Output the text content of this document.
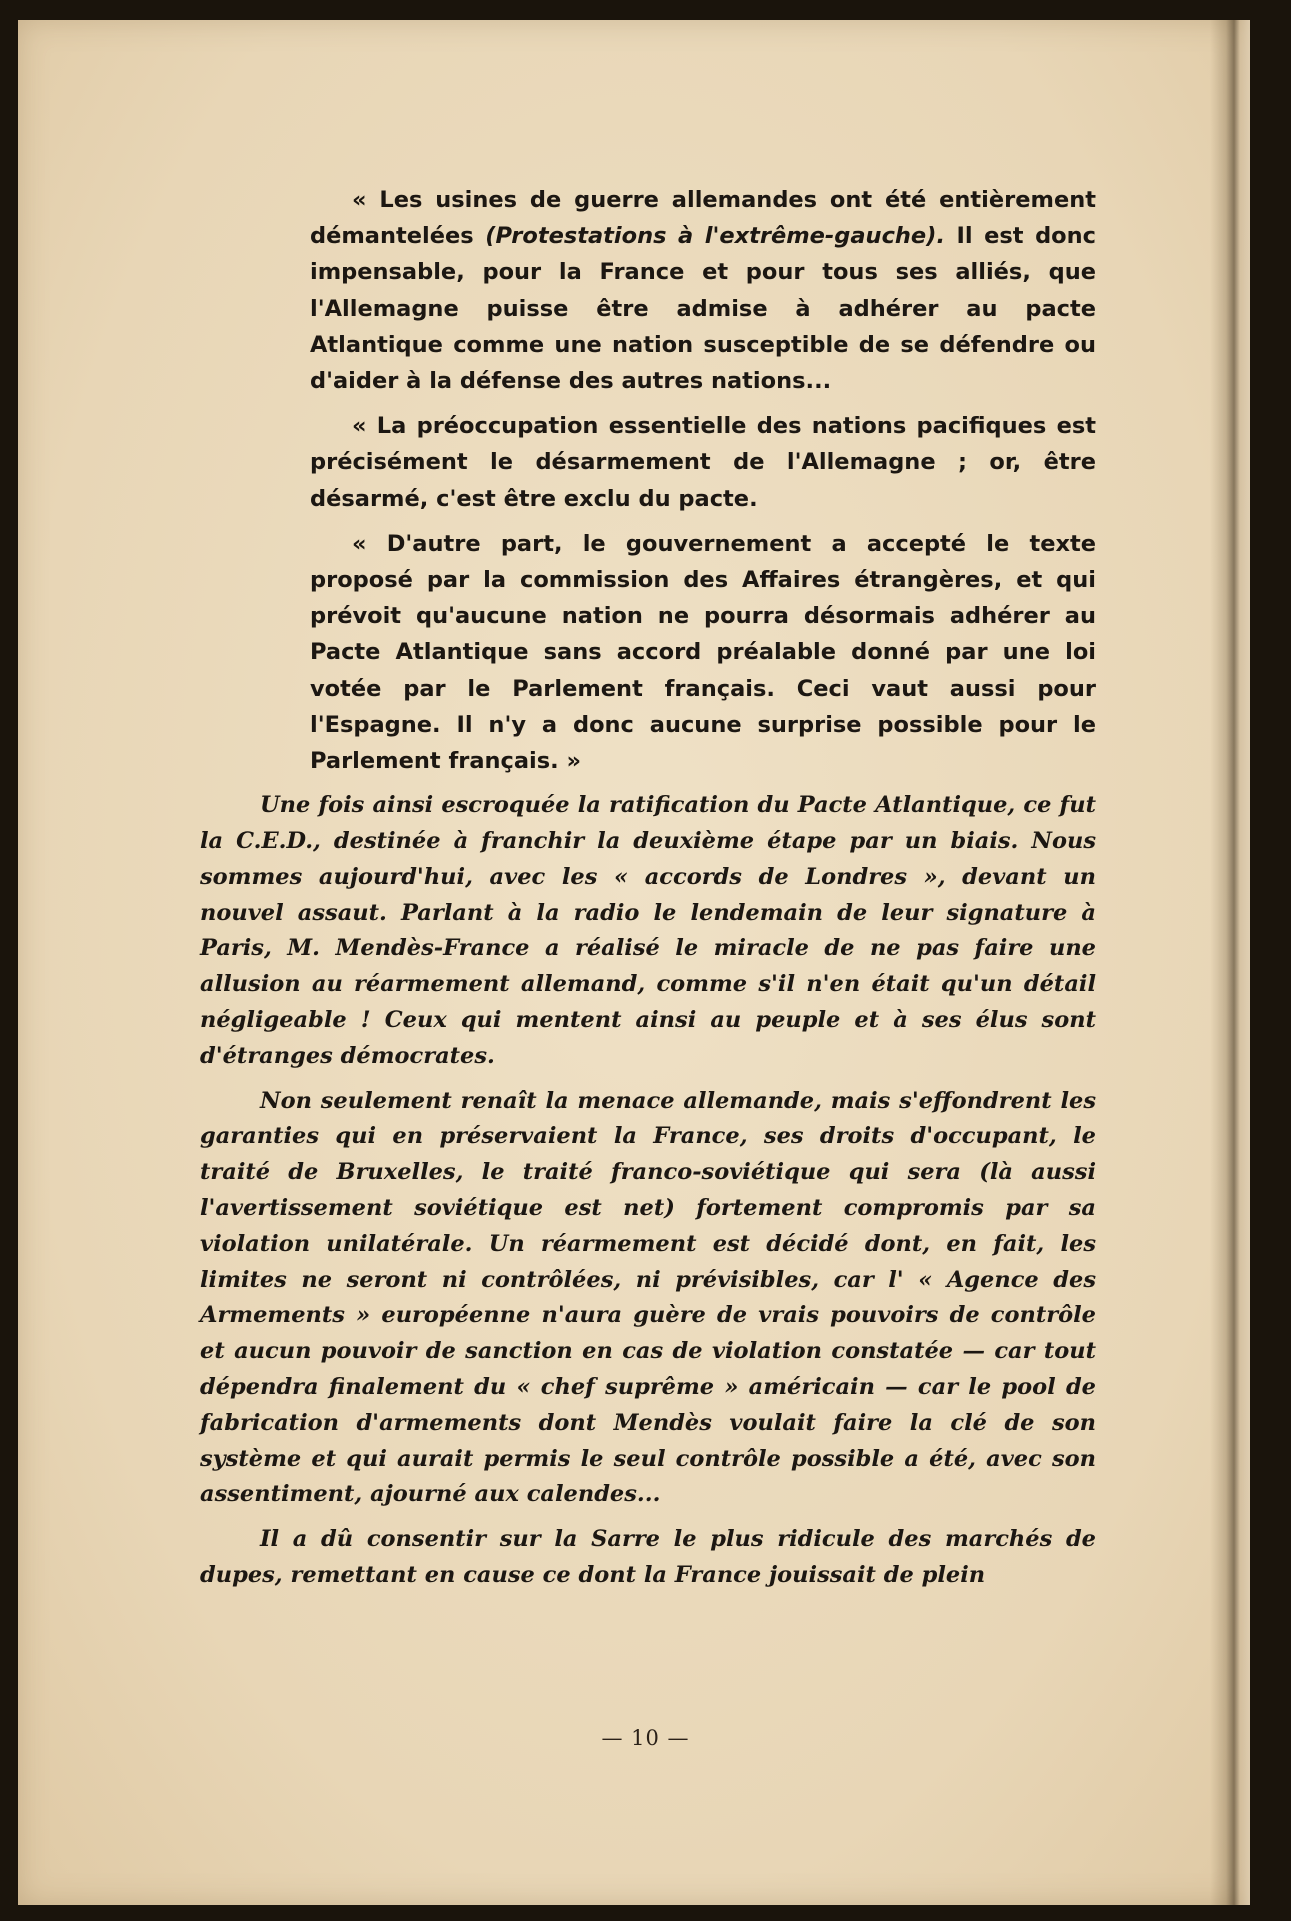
« Les usines de guerre allemandes ont été entièrement démantelées (Protestations à l'extrême-gauche). Il est donc impensable, pour la France et pour tous ses alliés, que l'Allemagne puisse être admise à adhérer au pacte Atlantique comme une nation susceptible de se défendre ou d'aider à la défense des autres nations...

« La préoccupation essentielle des nations pacifiques est précisément le désarmement de l'Allemagne ; or, être désarmé, c'est être exclu du pacte.

« D'autre part, le gouvernement a accepté le texte proposé par la commission des Affaires étrangères, et qui prévoit qu'aucune nation ne pourra désormais adhérer au Pacte Atlantique sans accord préalable donné par une loi votée par le Parlement français. Ceci vaut aussi pour l'Espagne. Il n'y a donc aucune surprise possible pour le Parlement français. »

Une fois ainsi escroquée la ratification du Pacte Atlantique, ce fut la C.E.D., destinée à franchir la deuxième étape par un biais. Nous sommes aujourd'hui, avec les « accords de Londres », devant un nouvel assaut. Parlant à la radio le lendemain de leur signature à Paris, M. Mendès-France a réalisé le miracle de ne pas faire une allusion au réarmement allemand, comme s'il n'en était qu'un détail négligeable ! Ceux qui mentent ainsi au peuple et à ses élus sont d'étranges démocrates.

Non seulement renaît la menace allemande, mais s'effondrent les garanties qui en préservaient la France, ses droits d'occupant, le traité de Bruxelles, le traité franco-soviétique qui sera (là aussi l'avertissement soviétique est net) fortement compromis par sa violation unilatérale. Un réarmement est décidé dont, en fait, les limites ne seront ni contrôlées, ni prévisibles, car l' « Agence des Armements » européenne n'aura guère de vrais pouvoirs de contrôle et aucun pouvoir de sanction en cas de violation constatée — car tout dépendra finalement du « chef suprême » américain — car le pool de fabrication d'armements dont Mendès voulait faire la clé de son système et qui aurait permis le seul contrôle possible a été, avec son assentiment, ajourné aux calendes...

Il a dû consentir sur la Sarre le plus ridicule des marchés de dupes, remettant en cause ce dont la France jouissait de plein

— 10 —
